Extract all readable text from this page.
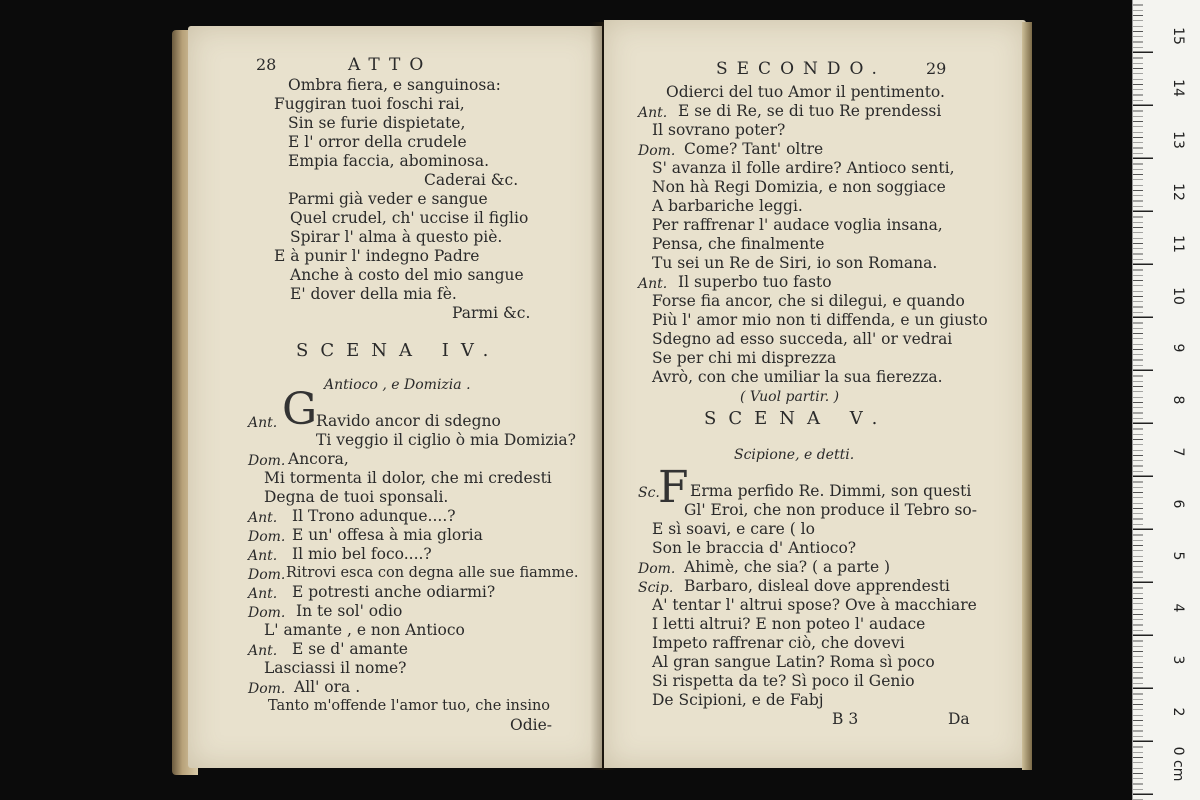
28	ATTO
Ombra fiera, e sanguinosa:
Fuggiran tuoi foschi rai,
Sin se furie dispietate,
E l' orror della crudele
Empia faccia, abominosa.
Caderai &c.
Parmi già veder e sangue
Quel crudel, ch' uccise il figlio
Spirar l' alma à questo piè.
E à punir l' indegno Padre
Anche à costo del mio sangue
E' dover della mia fè.
Parmi &c.
SCENA IV.
Antioco , e Domizia .
G
Ant.	Ravido ancor di sdegno
Ti veggio il ciglio ò mia Domizia?
Dom. Ancora,
Mi tormenta il dolor, che mi credesti
Degna de tuoi sponsali.
Ant. Il Trono adunque....?
Dom. E un' offesa à mia gloria
Ant. Il mio bel foco....?
Dom. Ritrovi esca con degna alle sue fiamme.
Ant. E potresti anche odiarmi?
Dom. In te sol' odio
L' amante , e non Antioco
Ant. E se d' amante
Lasciassi il nome?
Dom. All' ora .
Tanto m'offende l'amor tuo, che insino
Odie-
SECONDO.	29
Odierci del tuo Amor il pentimento.
Ant. E se di Re, se di tuo Re prendessi
Il sovrano poter?
Dom. Come? Tant' oltre
S' avanza il folle ardire? Antioco senti,
Non hà Regi Domizia, e non soggiace
A barbariche leggi.
Per raffrenar l' audace voglia insana,
Pensa, che finalmente
Tu sei un Re de Siri, io son Romana.
Ant. Il superbo tuo fasto
Forse fia ancor, che si dilegui, e quando
Più l' amor mio non ti diffenda, e un giusto
Sdegno ad esso succeda, all' or vedrai
Se per chi mi disprezza
Avrò, con che umiliar la sua fierezza.
( Vuol partir. )
SCENA V.
Scipione, e detti.
F
Sc. Erma perfido Re. Dimmi, son questi
Gl' Eroi, che non produce il Tebro so-
E sì soavi, e care ( lo
Son le braccia d' Antioco?
Dom. Ahimè, che sia? ( a parte )
Scip. Barbaro, disleal dove apprendesti
A' tentar l' altrui spose? Ove à macchiare
I letti altrui? E non poteo l' audace
Impeto raffrenar ciò, che dovevi
Al gran sangue Latin? Roma sì poco
Si rispetta da te? Sì poco il Genio
De Scipioni, e de Fabj
B 3	Da
15
14
13
12
11
10
9
8
7
6
5
4
3
2
0 cm
